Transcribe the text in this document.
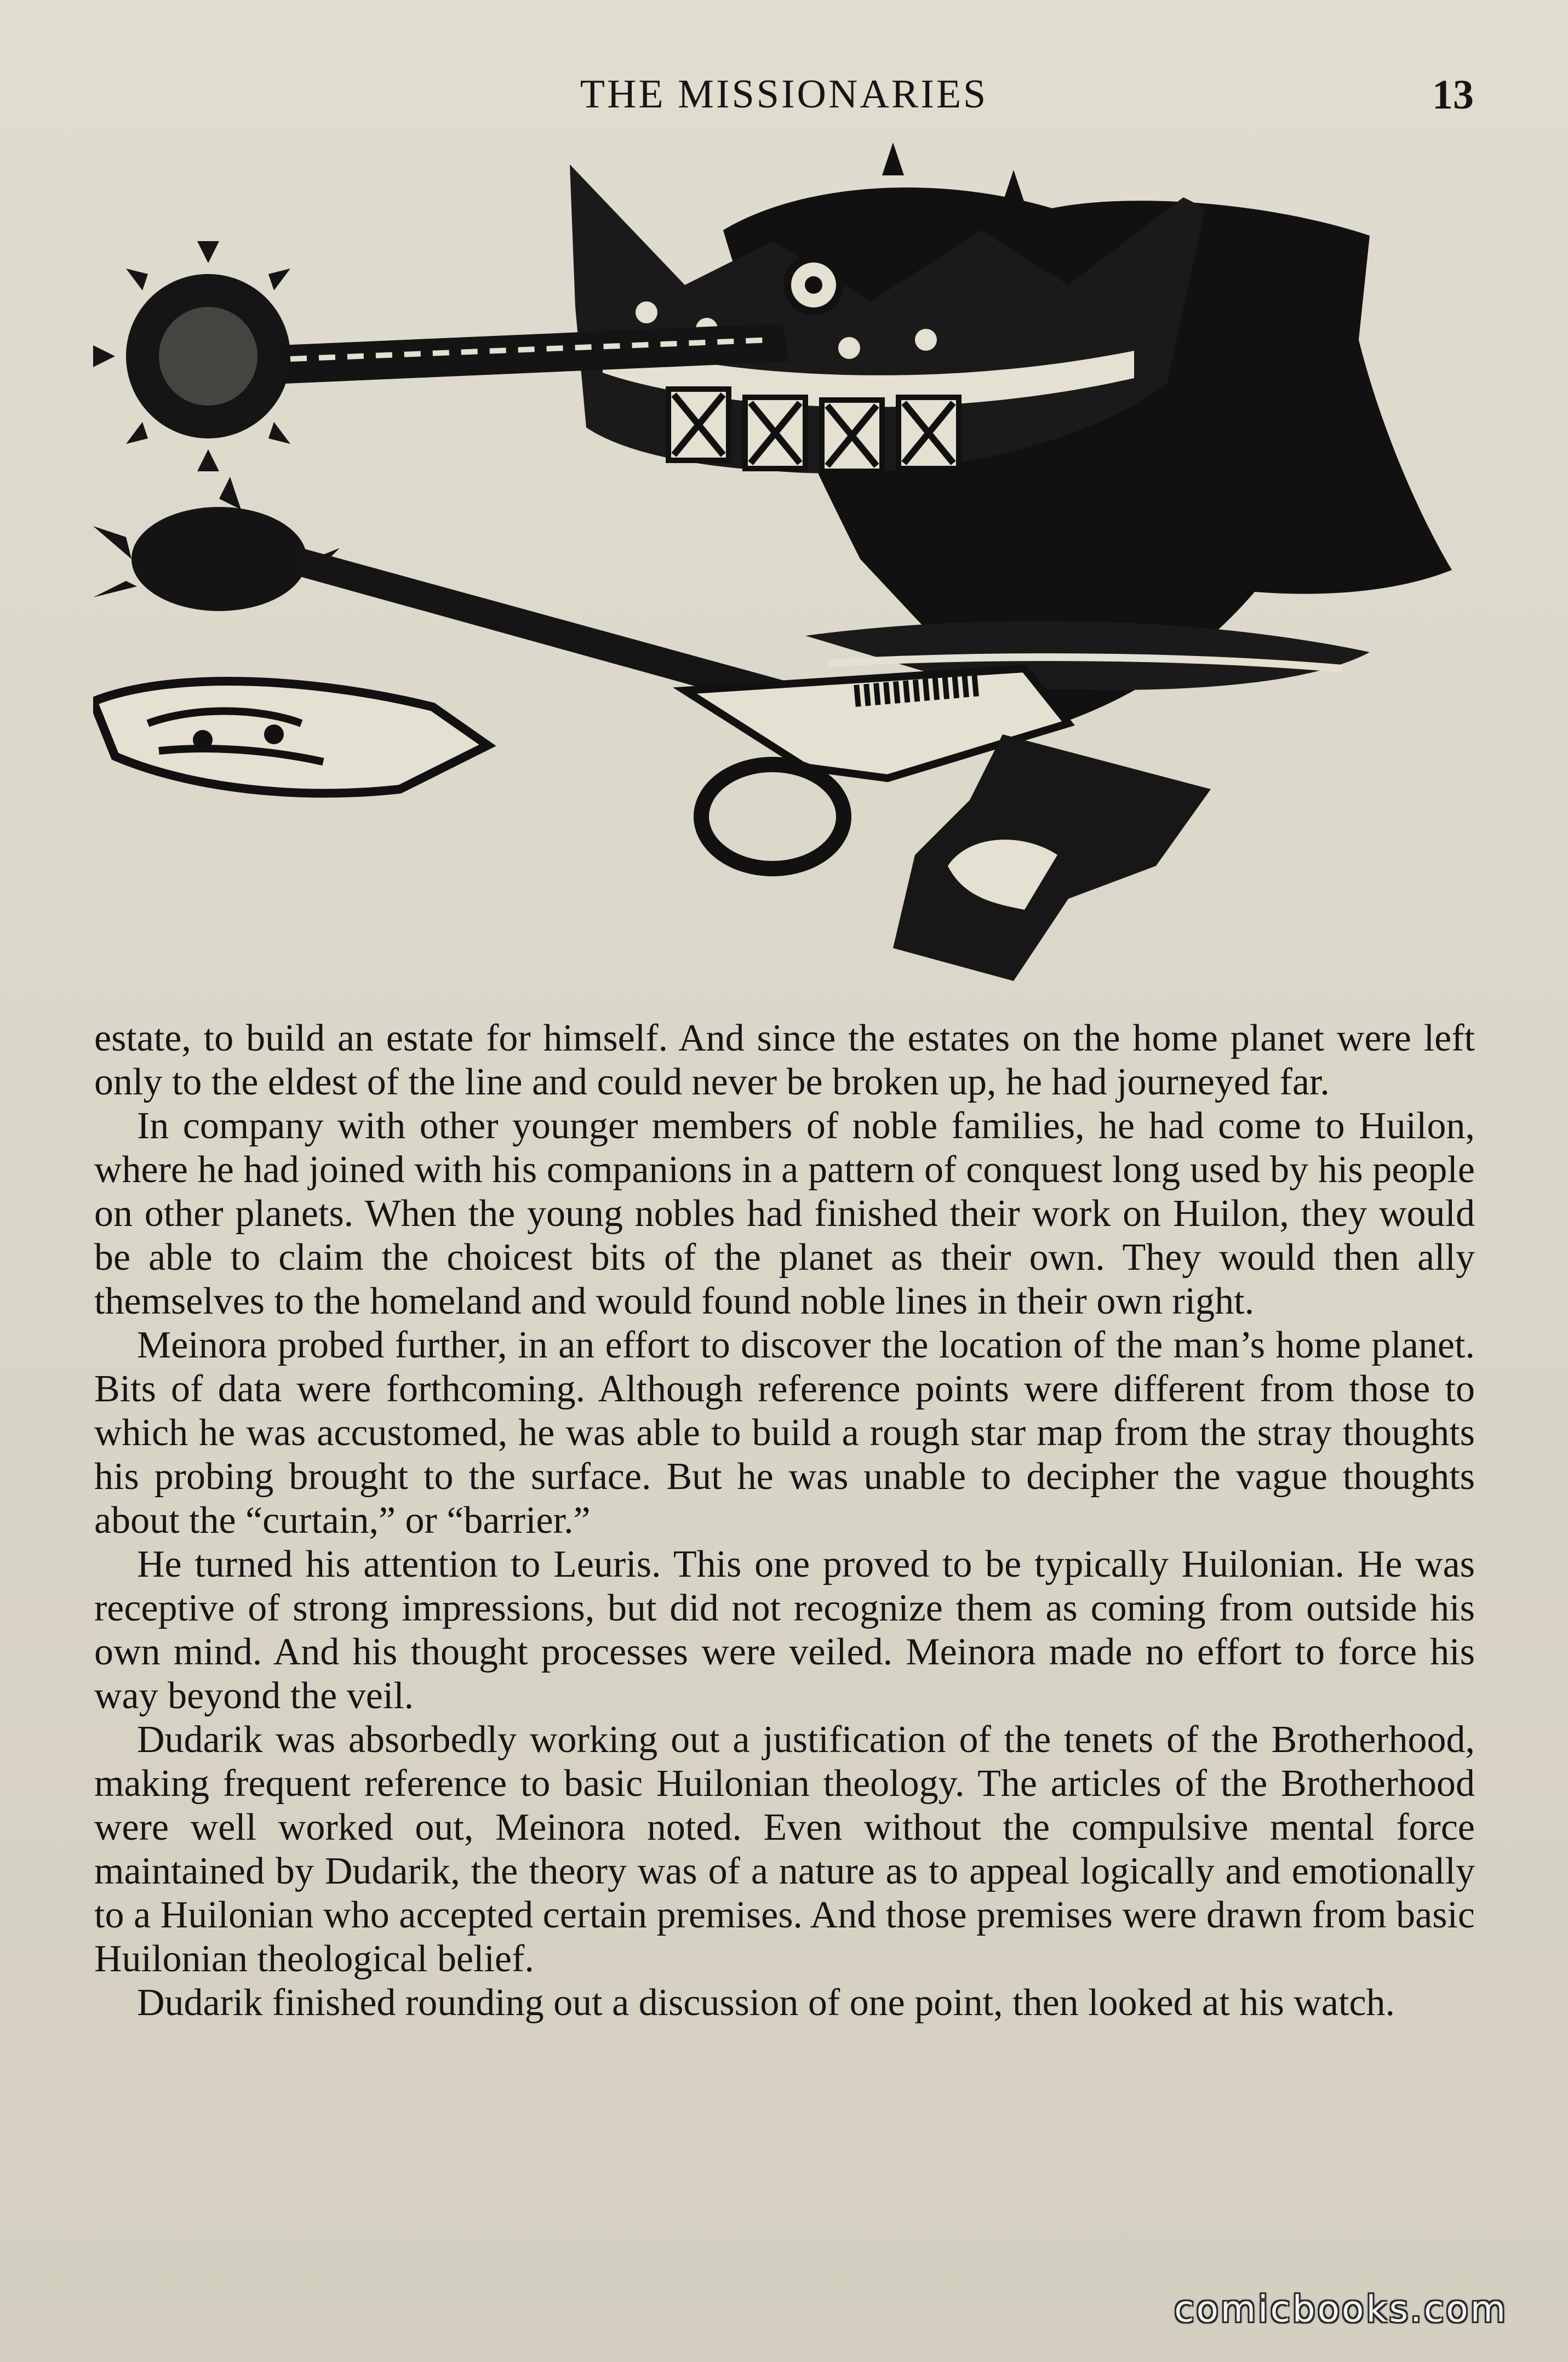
THE MISSIONARIES	13

estate, to build an estate for himself. And since the estates on the home planet were left only to the eldest of the line and could never be broken up, he had journeyed far.

In company with other younger members of noble families, he had come to Huilon, where he had joined with his companions in a pattern of conquest long used by his people on other planets. When the young nobles had finished their work on Huilon, they would be able to claim the choicest bits of the planet as their own. They would then ally themselves to the homeland and would found noble lines in their own right.

Meinora probed further, in an effort to discover the location of the man’s home planet. Bits of data were forthcoming. Although reference points were different from those to which he was accustomed, he was able to build a rough star map from the stray thoughts his probing brought to the surface. But he was unable to decipher the vague thoughts about the “curtain,” or “barrier.”

He turned his attention to Leuris. This one proved to be typically Huilonian. He was receptive of strong impressions, but did not recognize them as coming from outside his own mind. And his thought processes were veiled. Meinora made no effort to force his way beyond the veil.

Dudarik was absorbedly working out a justification of the tenets of the Brotherhood, making frequent reference to basic Huilonian theology. The articles of the Brotherhood were well worked out, Meinora noted. Even without the compulsive mental force maintained by Dudarik, the theory was of a nature as to appeal logically and emotionally to a Huilonian who accepted certain premises. And those premises were drawn from basic Huilonian theological belief.

Dudarik finished rounding out a discussion of one point, then looked at his watch.

comicbooks.com
